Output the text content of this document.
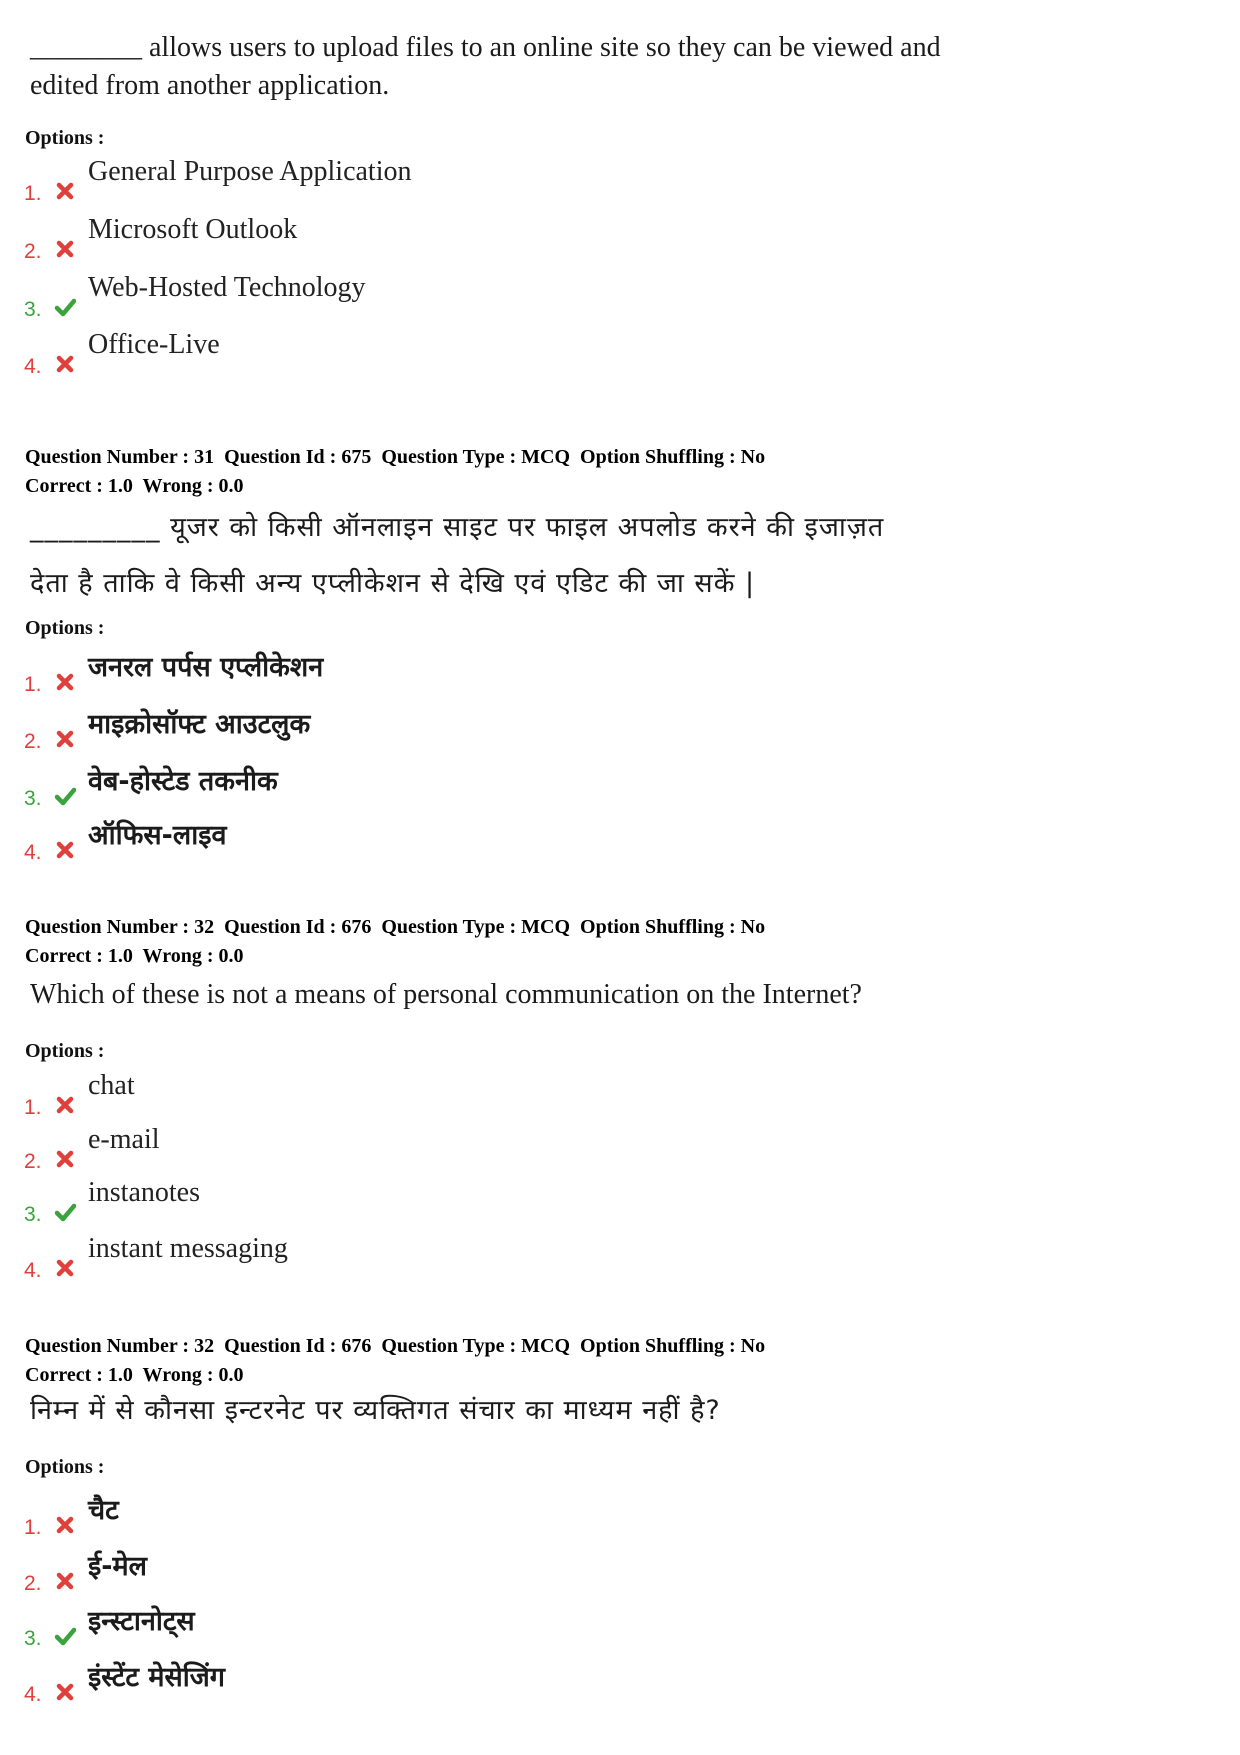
________ allows users to upload files to an online site so they can be viewed and
edited from another application.
Options :
1.
General Purpose Application
2.
Microsoft Outlook
3.
Web-Hosted Technology
4.
Office-Live
Question Number : 31  Question Id : 675  Question Type : MCQ  Option Shuffling : No
Correct : 1.0  Wrong : 0.0
_________ यूजर को किसी ऑनलाइन साइट पर फाइल अपलोड करने की इजाज़त
देता है ताकि वे किसी अन्य एप्लीकेशन से देखि एवं एडिट की जा सकें |
Options :
1.
जनरल पर्पस एप्लीकेशन
2.
माइक्रोसॉफ्ट आउटलुक
3.
वेब-होस्टेड तकनीक
4.
ऑफिस-लाइव
Question Number : 32  Question Id : 676  Question Type : MCQ  Option Shuffling : No
Correct : 1.0  Wrong : 0.0
Which of these is not a means of personal communication on the Internet?
Options :
1.
chat
2.
e-mail
3.
instanotes
4.
instant messaging
Question Number : 32  Question Id : 676  Question Type : MCQ  Option Shuffling : No
Correct : 1.0  Wrong : 0.0
निम्न में से कौनसा इन्टरनेट पर व्यक्तिगत संचार का माध्यम नहीं है?
Options :
1.
चैट
2.
ई-मेल
3.
इन्स्टानोट्स
4.
इंस्टेंट मेसेजिंग
